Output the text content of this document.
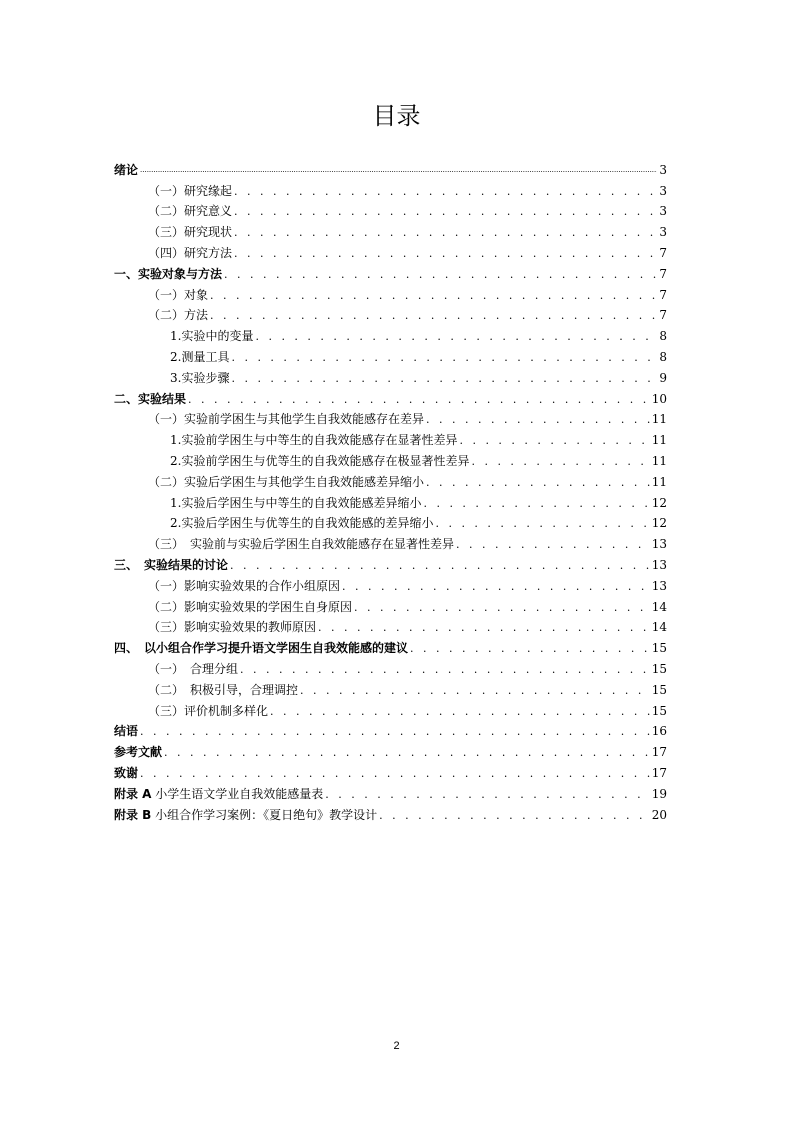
目录
绪论 .....	3
（一）研究缘起 . . .	3
（二）研究意义 . . .	3
（三）研究现状 . . .	3
（四）研究方法 . . .	7
一、实验对象与方法 . . .	7
（一）对象 . . .	7
（二）方法 . . .	7
1.实验中的变量 . . .	8
2.测量工具 . . .	8
3.实验步骤 . . .	9
二、实验结果 . . .	10
（一）实验前学困生与其他学生自我效能感存在差异 . . .	11
1.实验前学困生与中等生的自我效能感存在显著性差异 . . .	11
2.实验前学困生与优等生的自我效能感存在极显著性差异 . . .	11
（二）实验后学困生与其他学生自我效能感差异缩小 . . .	11
1.实验后学困生与中等生的自我效能感差异缩小 . . .	12
2.实验后学困生与优等生的自我效能感的差异缩小 . . .	12
（三）　实验前与实验后学困生自我效能感存在显著性差异 . . .	13
三、　实验结果的讨论 . . .	13
（一）影响实验效果的合作小组原因 . . .	13
（二）影响实验效果的学困生自身原因 . . .	14
（三）影响实验效果的教师原因 . . .	14
四、　以小组合作学习提升语文学困生自我效能感的建议 . . .	15
（一）　合理分组 . . .	15
（二）　积极引导，合理调控 . . .	15
（三）评价机制多样化 . . .	15
结语 . . .	16
参考文献 . . .	17
致谢 . . .	17
附录 A 小学生语文学业自我效能感量表 . . .	19
附录 B 小组合作学习案例：《夏日绝句》教学设计 . . .	20
2
